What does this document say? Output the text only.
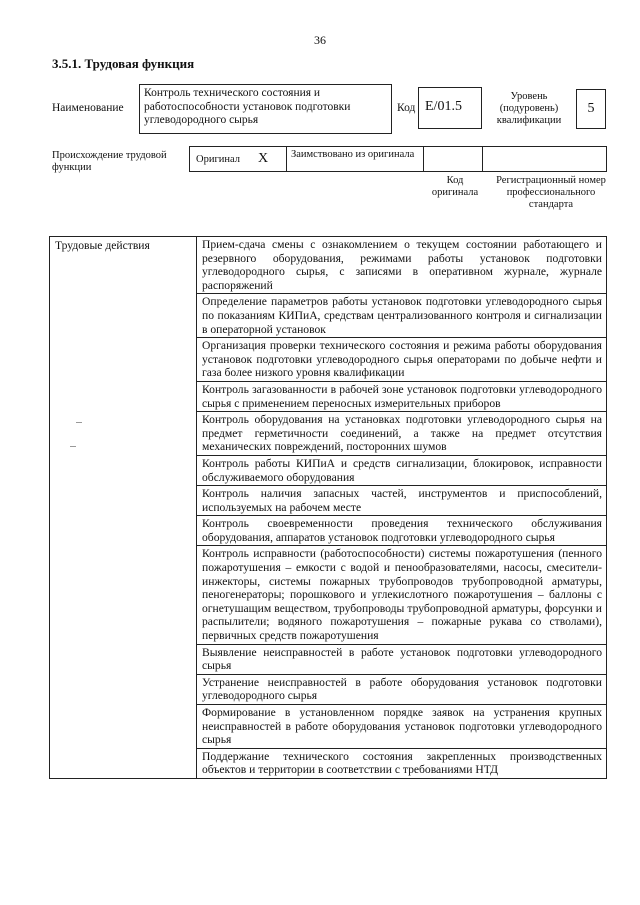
36
3.5.1. Трудовая функция
Наименование
Контроль технического состояния и работоспособности установок подготовки углеводородного сырья
Код E/01.5
Уровень (подуровень) квалификации
5
Происхождение трудовой функции
Оригинал X Заимствовано из оригинала
Код оригинала
Регистрационный номер профессионального стандарта
Трудовые действия	Прием-сдача смены с ознакомлением о текущем состоянии работающего и резервного оборудования, режимами работы установок подготовки углеводородного сырья, с записями в оперативном журнале, журнале распоряжений
Определение параметров работы установок подготовки углеводородного сырья по показаниям КИПиА, средствам централизованного контроля и сигнализации в операторной установок
Организация проверки технического состояния и режима работы оборудования установок подготовки углеводородного сырья операторами по добыче нефти и газа более низкого уровня квалификации
Контроль загазованности в рабочей зоне установок подготовки углеводородного сырья с применением переносных измерительных приборов
Контроль оборудования на установках подготовки углеводородного сырья на предмет герметичности соединений, а также на предмет отсутствия механических повреждений, посторонних шумов
Контроль работы КИПиА и средств сигнализации, блокировок, исправности обслуживаемого оборудования
Контроль наличия запасных частей, инструментов и приспособлений, используемых на рабочем месте
Контроль своевременности проведения технического обслуживания оборудования, аппаратов установок подготовки углеводородного сырья
Контроль исправности (работоспособности) системы пожаротушения (пенного пожаротушения – емкости с водой и пенообразователями, насосы, смесители-инжекторы, системы пожарных трубопроводов трубопроводной арматуры, пеногенераторы; порошкового и углекислотного пожаротушения – баллоны с огнетушащим веществом, трубопроводы трубопроводной арматуры, форсунки и распылители; водяного пожаротушения – пожарные рукава со стволами), первичных средств пожаротушения
Выявление неисправностей в работе установок подготовки углеводородного сырья
Устранение неисправностей в работе оборудования установок подготовки углеводородного сырья
Формирование в установленном порядке заявок на устранения крупных неисправностей в работе оборудования установок подготовки углеводородного сырья
Поддержание технического состояния закрепленных производственных объектов и территории в соответствии с требованиями НТД
